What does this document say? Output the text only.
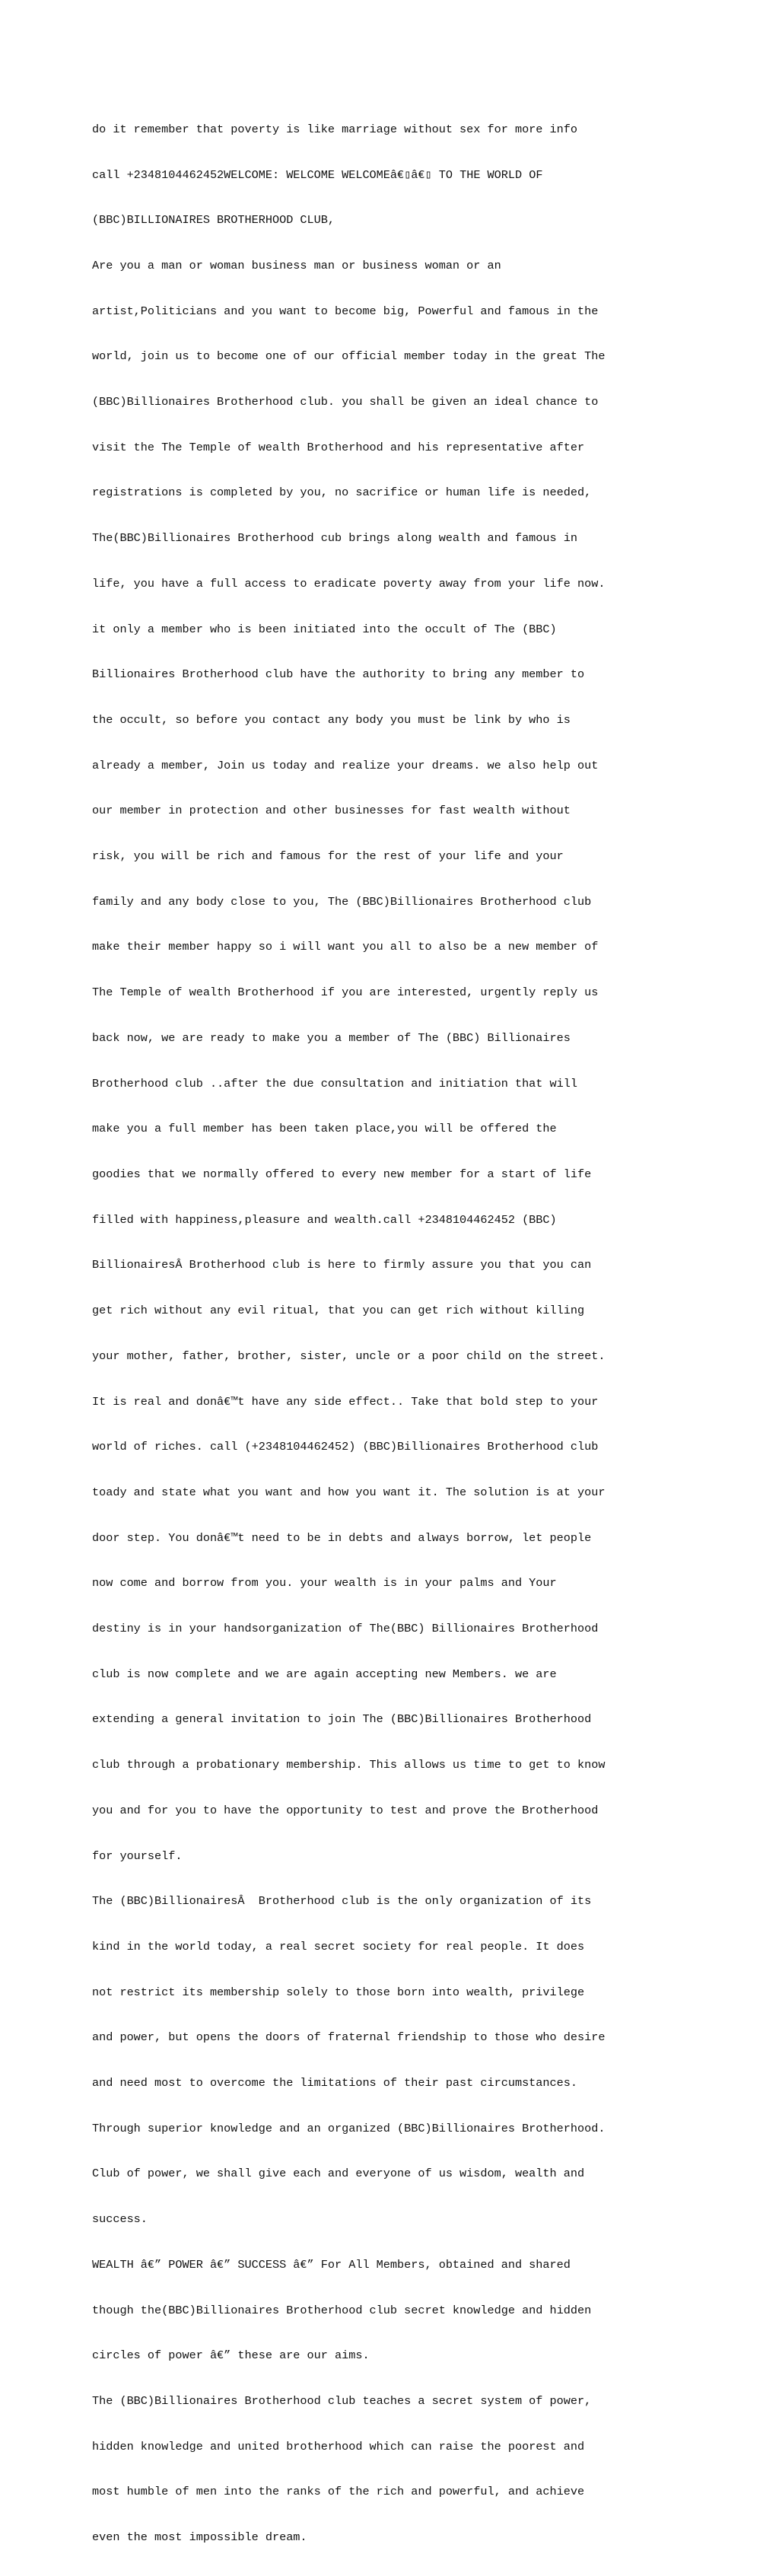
do it remember that poverty is like marriage without sex for more info

call +2348104462452WELCOME: WELCOME WELCOMEâ€▯â€▯ TO THE WORLD OF

(BBC)BILLIONAIRES BROTHERHOOD CLUB,

Are you a man or woman business man or business woman or an

artist,Politicians and you want to become big, Powerful and famous in the

world, join us to become one of our official member today in the great The

(BBC)Billionaires Brotherhood club. you shall be given an ideal chance to

visit the The Temple of wealth Brotherhood and his representative after

registrations is completed by you, no sacrifice or human life is needed,

The(BBC)Billionaires Brotherhood cub brings along wealth and famous in

life, you have a full access to eradicate poverty away from your life now.

it only a member who is been initiated into the occult of The (BBC)

Billionaires Brotherhood club have the authority to bring any member to

the occult, so before you contact any body you must be link by who is

already a member, Join us today and realize your dreams. we also help out

our member in protection and other businesses for fast wealth without

risk, you will be rich and famous for the rest of your life and your

family and any body close to you, The (BBC)Billionaires Brotherhood club

make their member happy so i will want you all to also be a new member of

The Temple of wealth Brotherhood if you are interested, urgently reply us

back now, we are ready to make you a member of The (BBC) Billionaires

Brotherhood club ..after the due consultation and initiation that will

make you a full member has been taken place,you will be offered the

goodies that we normally offered to every new member for a start of life

filled with happiness,pleasure and wealth.call +2348104462452 (BBC)

BillionairesÂ Brotherhood club is here to firmly assure you that you can

get rich without any evil ritual, that you can get rich without killing

your mother, father, brother, sister, uncle or a poor child on the street.

It is real and donâ€™t have any side effect.. Take that bold step to your

world of riches. call (+2348104462452) (BBC)Billionaires Brotherhood club

toady and state what you want and how you want it. The solution is at your

door step. You donâ€™t need to be in debts and always borrow, let people

now come and borrow from you. your wealth is in your palms and Your

destiny is in your handsorganization of The(BBC) Billionaires Brotherhood

club is now complete and we are again accepting new Members. we are

extending a general invitation to join The (BBC)Billionaires Brotherhood

club through a probationary membership. This allows us time to get to know

you and for you to have the opportunity to test and prove the Brotherhood

for yourself.

The (BBC)BillionairesÂ  Brotherhood club is the only organization of its

kind in the world today, a real secret society for real people. It does

not restrict its membership solely to those born into wealth, privilege

and power, but opens the doors of fraternal friendship to those who desire

and need most to overcome the limitations of their past circumstances.

Through superior knowledge and an organized (BBC)Billionaires Brotherhood.

Club of power, we shall give each and everyone of us wisdom, wealth and

success.

WEALTH â€” POWER â€” SUCCESS â€” For All Members, obtained and shared

though the(BBC)Billionaires Brotherhood club secret knowledge and hidden

circles of power â€” these are our aims.

The (BBC)Billionaires Brotherhood club teaches a secret system of power,

hidden knowledge and united brotherhood which can raise the poorest and

most humble of men into the ranks of the rich and powerful, and achieve

even the most impossible dream.
